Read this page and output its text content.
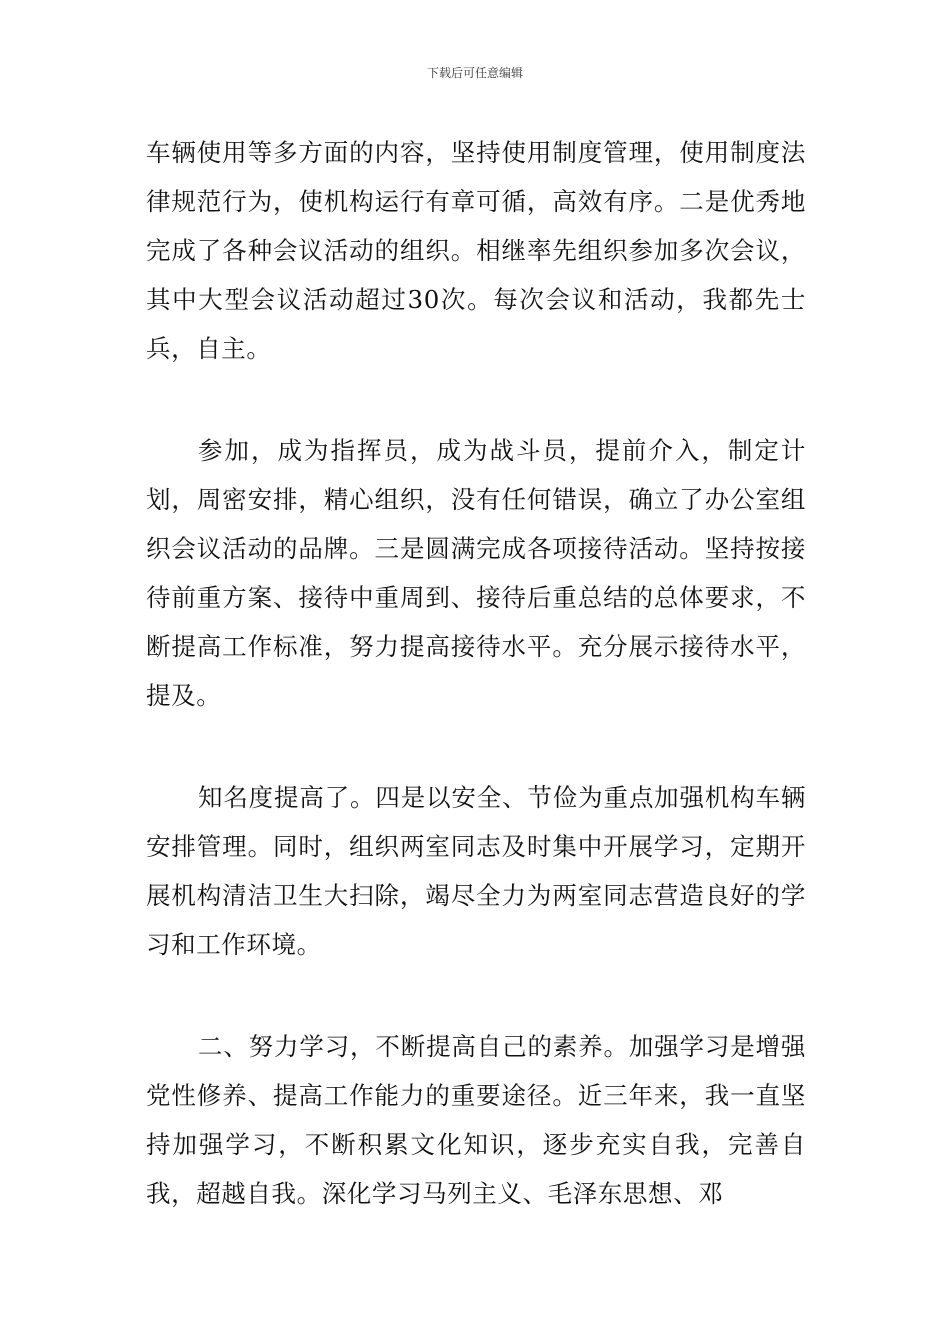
下载后可任意编辑

车辆使用等多方面的内容，坚持使用制度管理，使用制度法律规范行为，使机构运行有章可循，高效有序。二是优秀地完成了各种会议活动的组织。相继率先组织参加多次会议，其中大型会议活动超过30次。每次会议和活动，我都先士兵，自主。

参加，成为指挥员，成为战斗员，提前介入，制定计划，周密安排，精心组织，没有任何错误，确立了办公室组织会议活动的品牌。三是圆满完成各项接待活动。坚持按接待前重方案、接待中重周到、接待后重总结的总体要求，不断提高工作标准，努力提高接待水平。充分展示接待水平，提及。

知名度提高了。四是以安全、节俭为重点加强机构车辆安排管理。同时，组织两室同志及时集中开展学习，定期开展机构清洁卫生大扫除，竭尽全力为两室同志营造良好的学习和工作环境。

二、努力学习，不断提高自己的素养。加强学习是增强党性修养、提高工作能力的重要途径。近三年来，我一直坚持加强学习，不断积累文化知识，逐步充实自我，完善自我，超越自我。深化学习马列主义、毛泽东思想、邓
